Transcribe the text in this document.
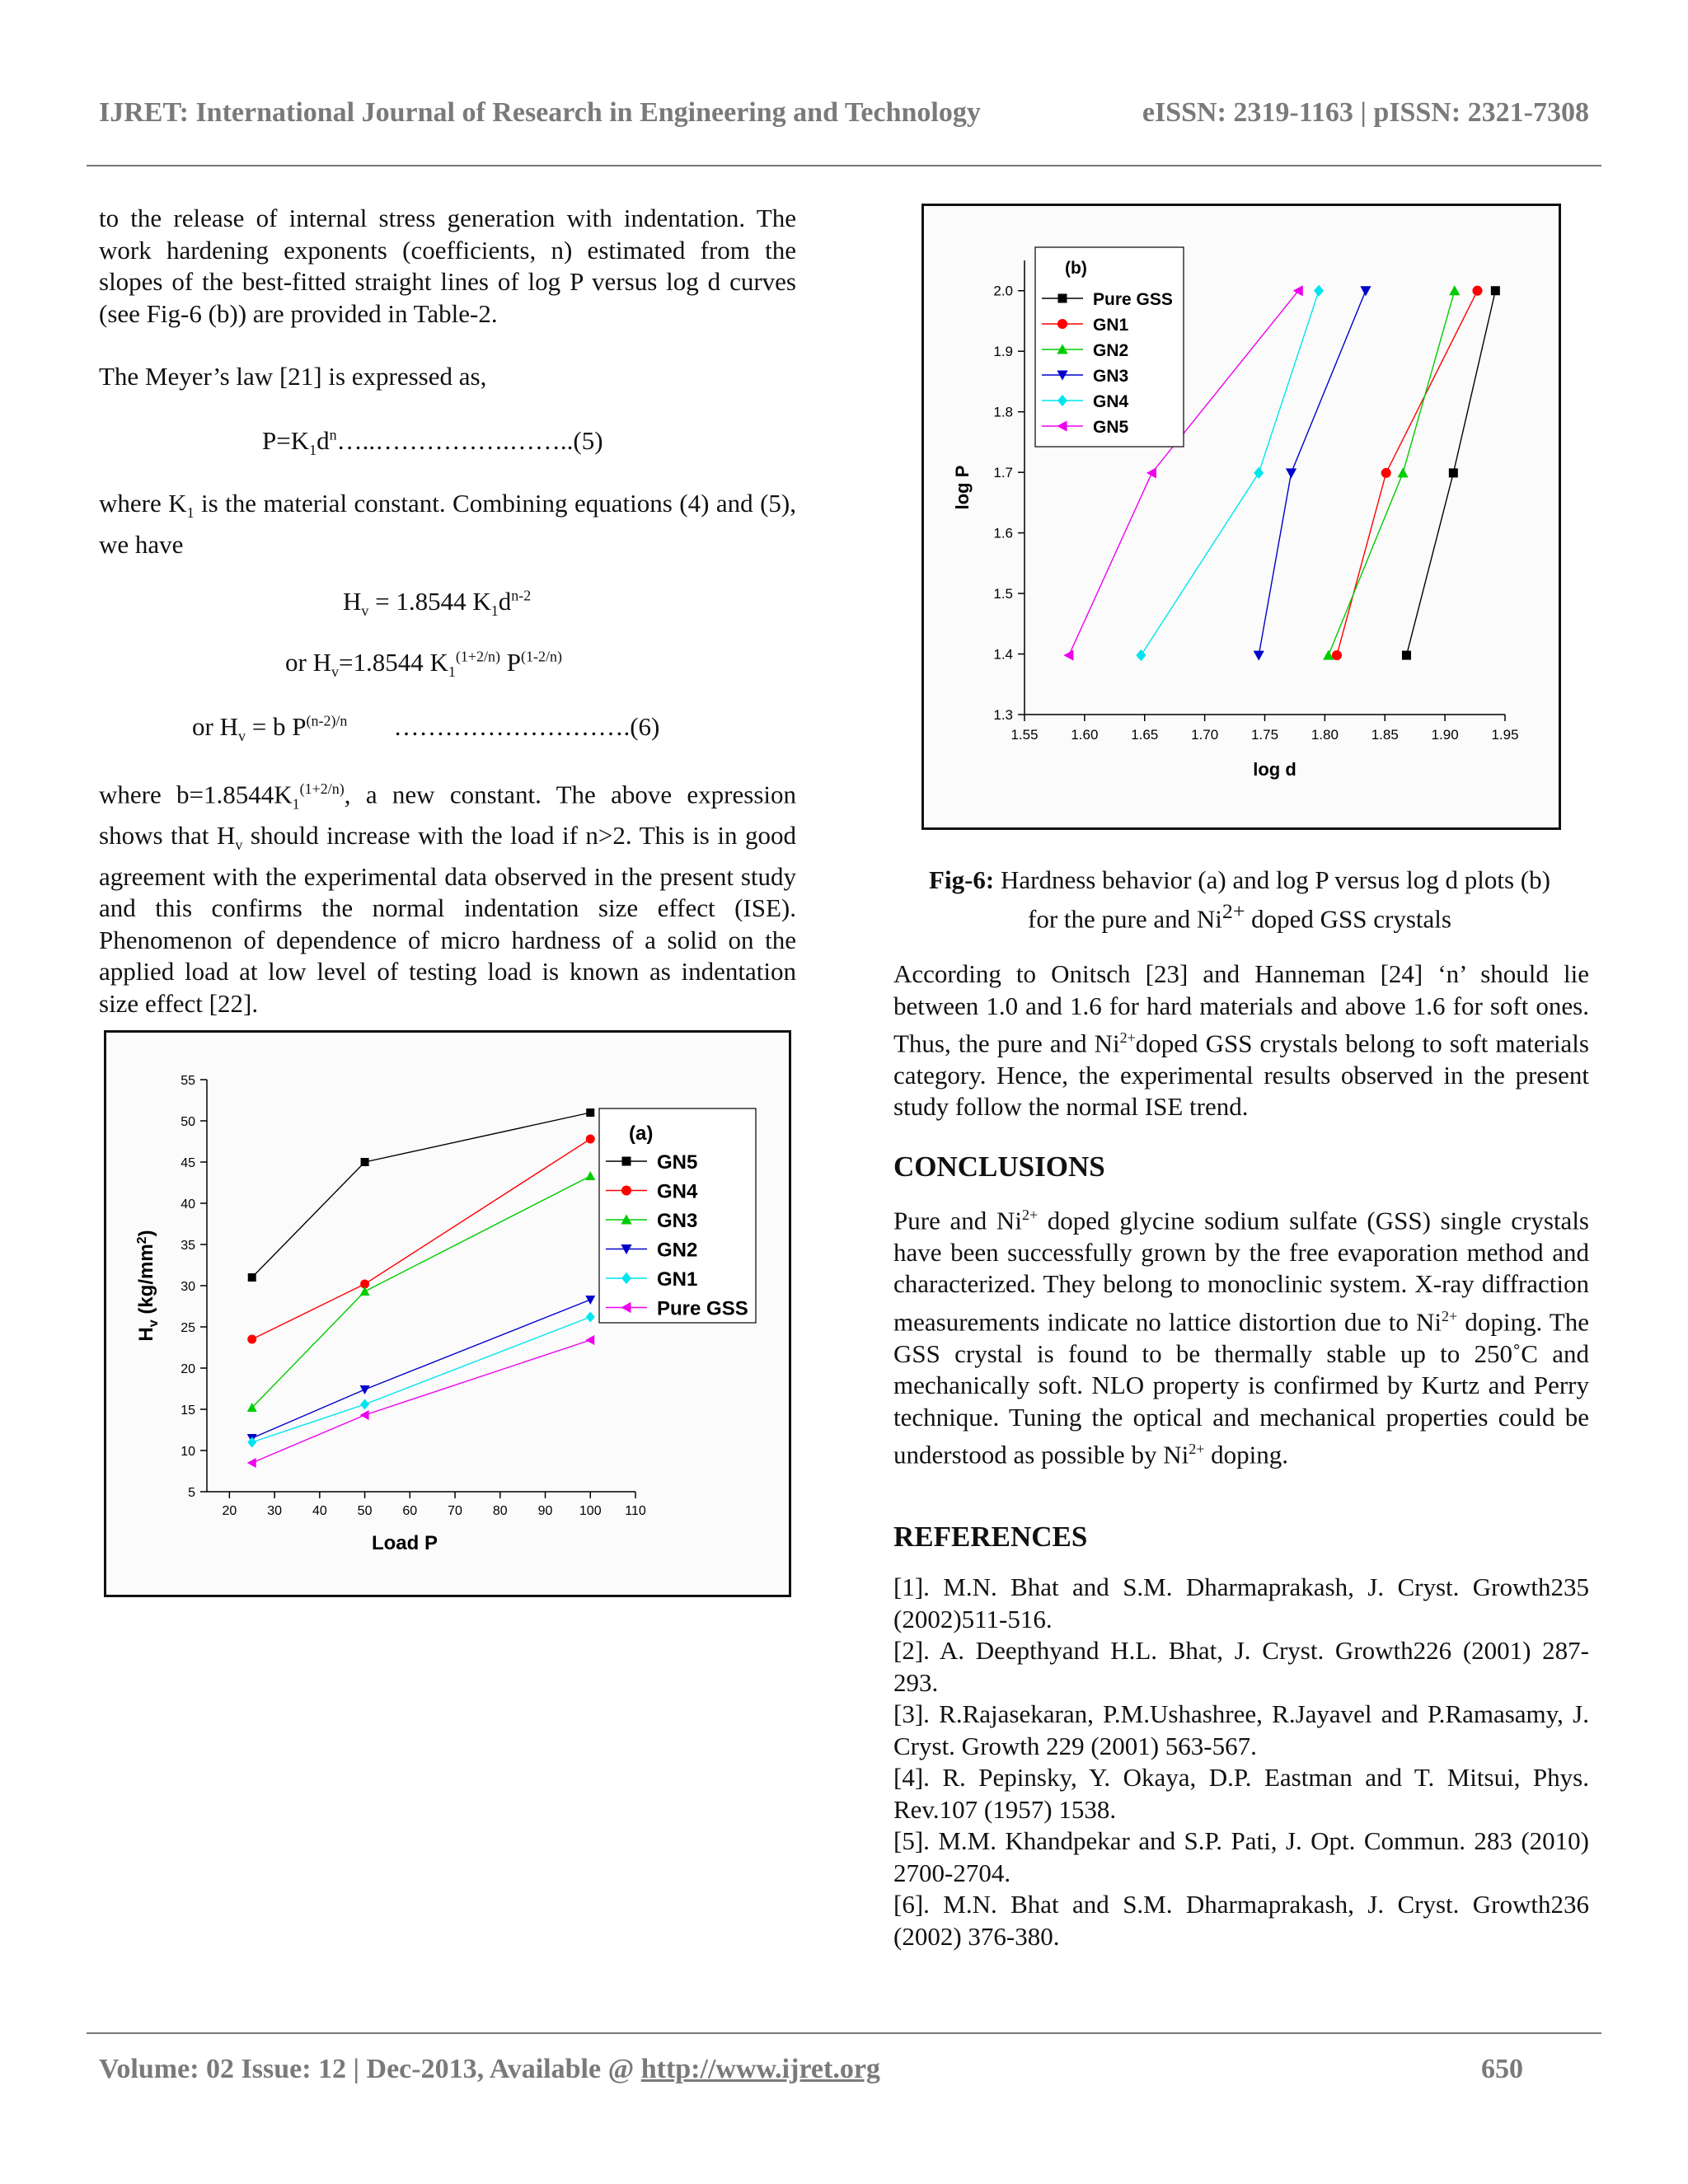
IJRET: International Journal of Research in Engineering and Technology	eISSN: 2319-1163 | pISSN: 2321-7308

to the release of internal stress generation with indentation. The work hardening exponents (coefficients, n) estimated from the slopes of the best-fitted straight lines of log P versus log d curves (see Fig-6 (b)) are provided in Table-2.

The Meyer’s law [21] is expressed as,

$P=K_1d^n\dots..\dots\dots\dots\dots\dots.\dots\dots..(5)$

where $K_1$ is the material constant. Combining equations (4) and (5), we have

$H_v = 1.8544$ $K_1d^{n-2}$
or $H_v=1.8544$ $K_1^{(1+2/n)}$ $P^{(1-2/n)}$
or $H_v = b$ $P^{(n-2)/n}$ ……………………….(6)

where $b=1.8544K_1^{(1+2/n)}$, a new constant. The above expression shows that $H_v$ should increase with the load if n>2. This is in good agreement with the experimental data observed in the present study and this confirms the normal indentation size effect (ISE). Phenomenon of dependence of micro hardness of a solid on the applied load at low level of testing load is known as indentation size effect [22].

5
10
15
20
25
30
35
40
45
50
55
20 30 40 50 60 70 80 90 100 110
Load P
$H_v$ $(kg/mm^2)$
(a)
GN5
GN4
GN3
GN2
GN1
Pure GSS
1.3
1.4
1.5
1.6
1.7
1.8
1.9
2.0
1.55 1.60 1.65 1.70 1.75 1.80 1.85 1.90 1.95
log d
log P
(b)
Pure GSS
GN1
GN2
GN3
GN4
GN5
Fig-6: Hardness behavior (a) and log P versus log d plots (b)
for the pure and $Ni^{2+}$ doped GSS crystals

According to Onitsch [23] and Hanneman [24] ‘n’ should lie between 1.0 and 1.6 for hard materials and above 1.6 for soft ones. Thus, the pure and $Ni^{2+}doped$ GSS crystals belong to soft materials category. Hence, the experimental results observed in the present study follow the normal ISE trend.

CONCLUSIONS

Pure and $Ni^{2+}$ doped glycine sodium sulfate (GSS) single crystals have been successfully grown by the free evaporation method and characterized. They belong to monoclinic system. X-ray diffraction measurements indicate no lattice distortion due to $Ni^{2+}$ doping. The GSS crystal is found to be thermally stable up to 250˚C and mechanically soft. NLO property is confirmed by Kurtz and Perry technique. Tuning the optical and mechanical properties could be understood as possible by $Ni^{2+}$ doping.

REFERENCES
[1]. M.N. Bhat and S.M. Dharmaprakash, J. Cryst. Growth235 (2002)511-516.
[2]. A. Deepthyand H.L. Bhat, J. Cryst. Growth226 (2001) 287-293.
[3]. R.Rajasekaran, P.M.Ushashree, R.Jayavel and P.Ramasamy, J. Cryst. Growth 229 (2001) 563-567.
[4]. R. Pepinsky, Y. Okaya, D.P. Eastman and T. Mitsui, Phys. Rev.107 (1957) 1538.
[5]. M.M. Khandpekar and S.P. Pati, J. Opt. Commun. 283 (2010) 2700-2704.
[6]. M.N. Bhat and S.M. Dharmaprakash, J. Cryst. Growth236 (2002) 376-380.
Volume: 02 Issue: 12 | Dec-2013, Available @ http://www.ijret.org	650
